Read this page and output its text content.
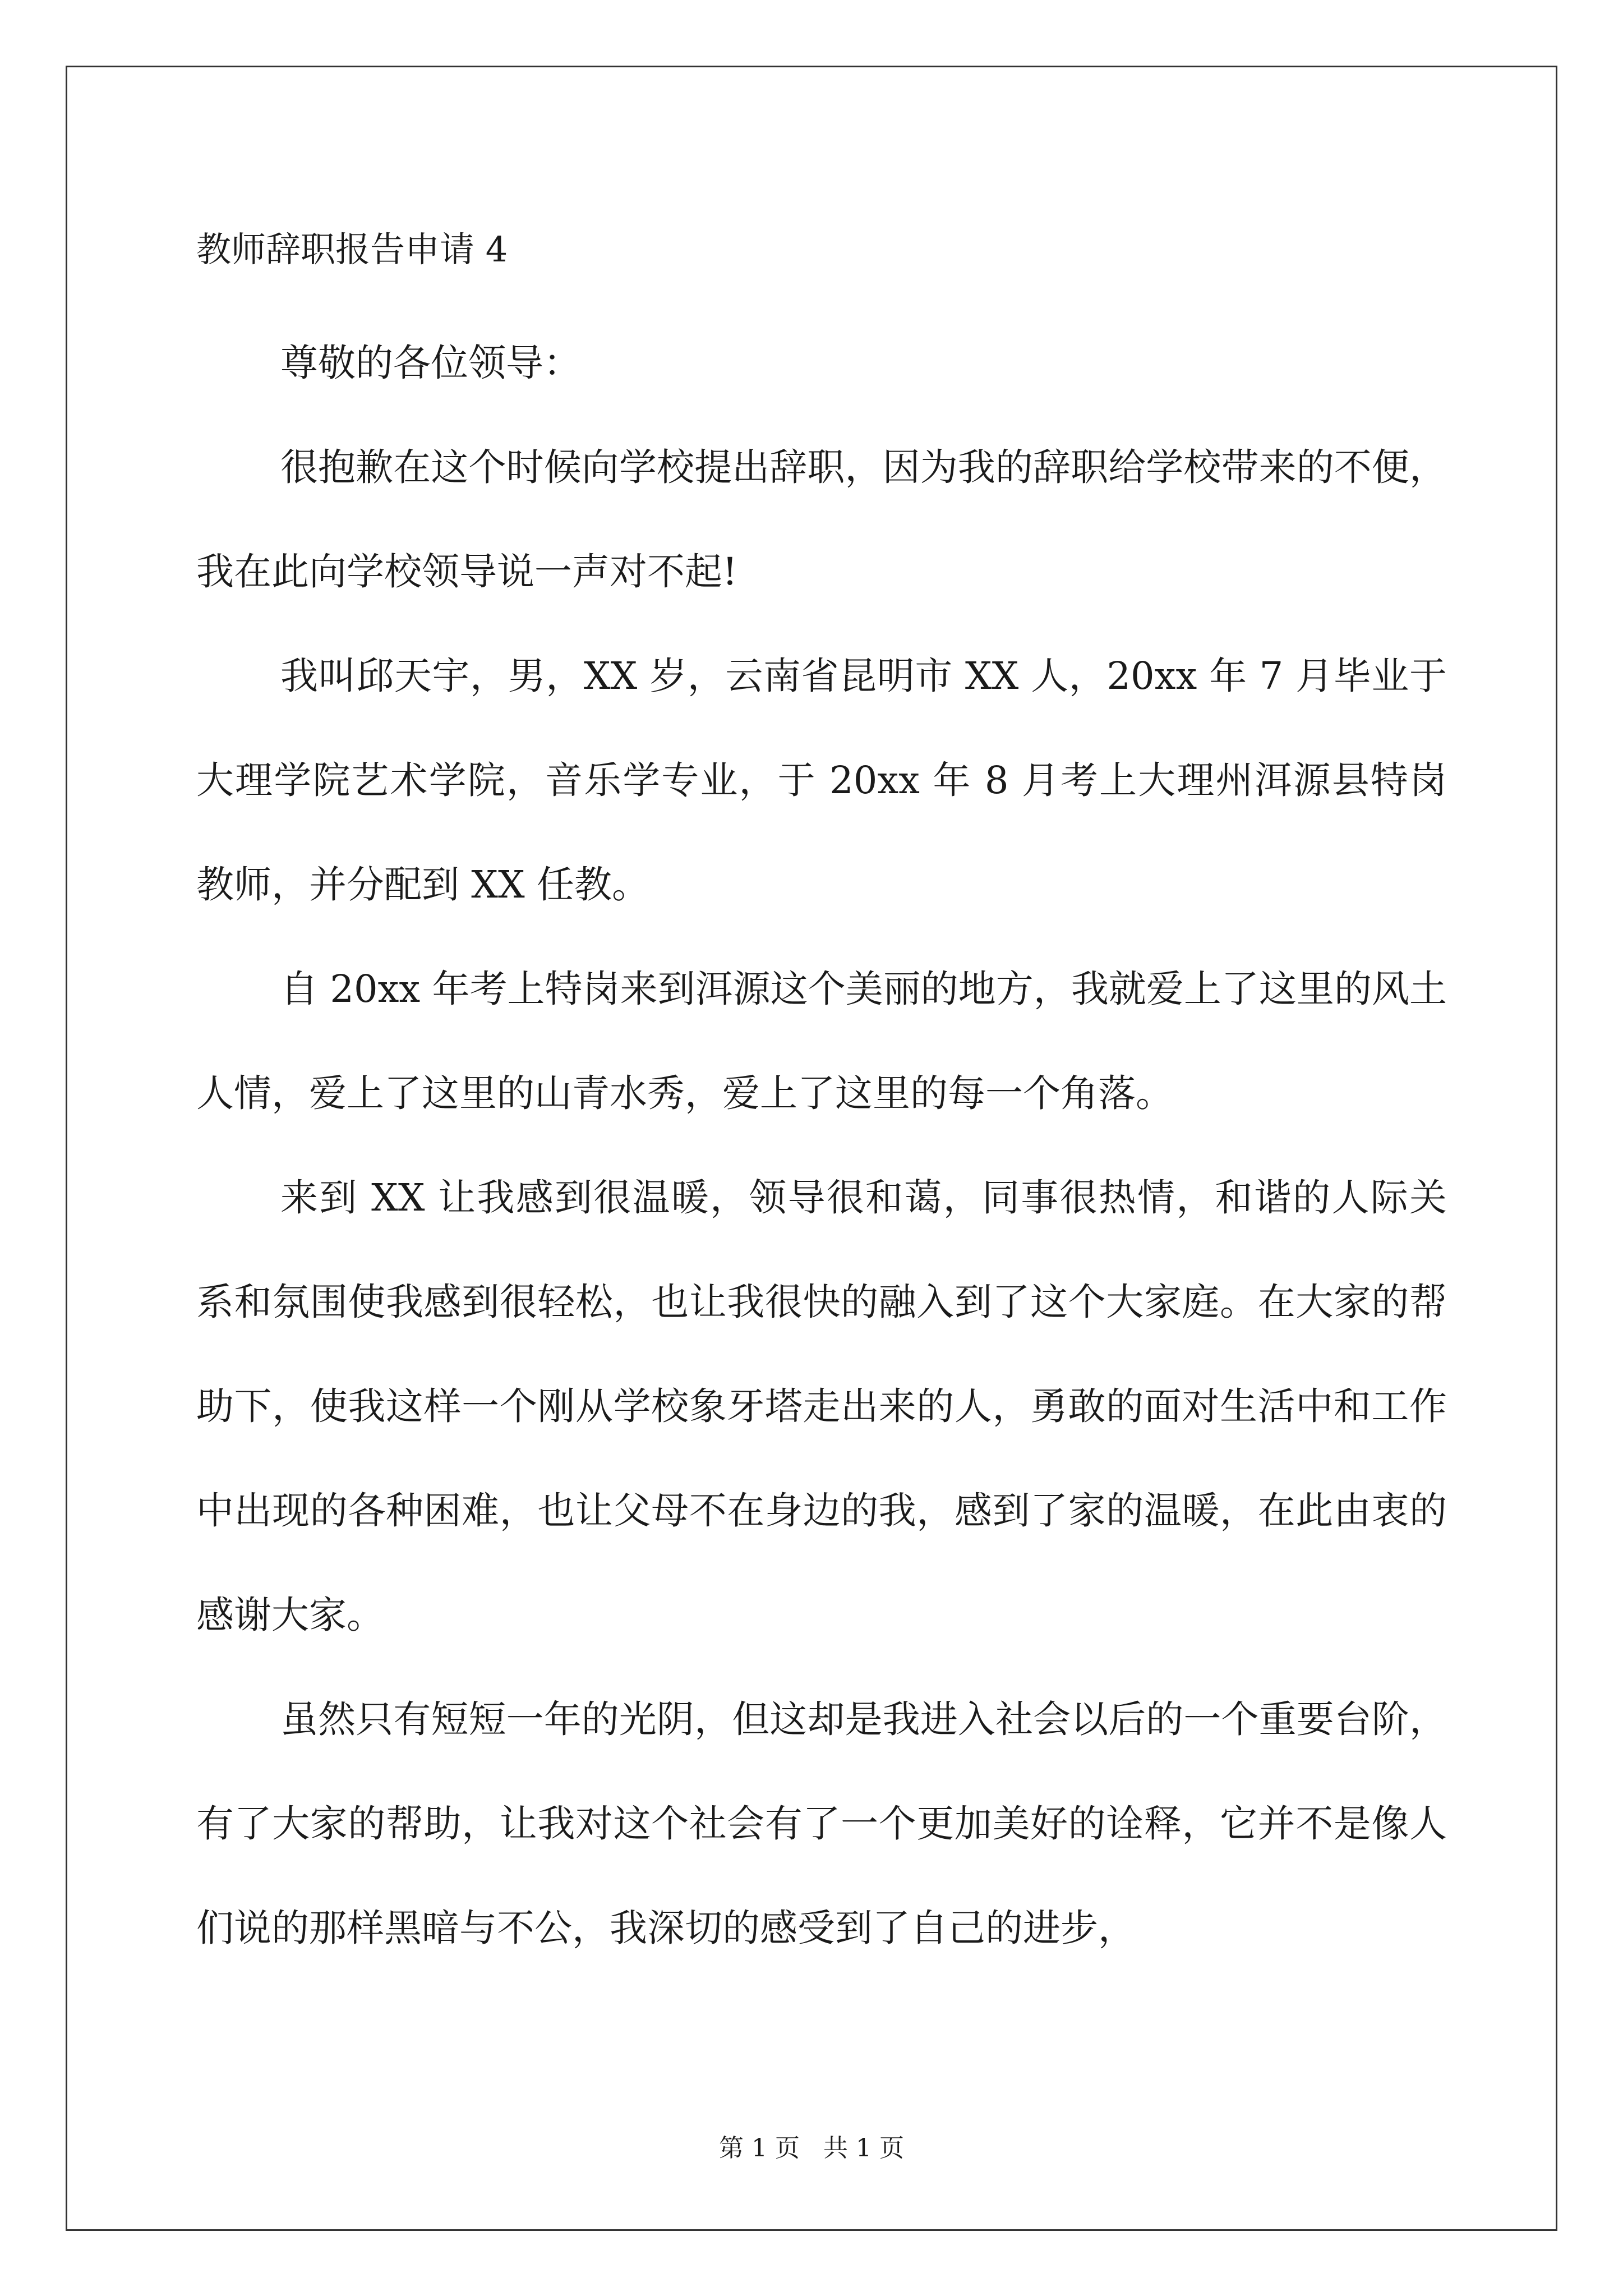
教师辞职报告申请 4

尊敬的各位领导：

很抱歉在这个时候向学校提出辞职，因为我的辞职给学校带来的不便，我在此向学校领导说一声对不起!

我叫邱天宇，男，XX 岁，云南省昆明市 XX 人，20xx 年 7 月毕业于大理学院艺术学院，音乐学专业，于 20xx 年 8 月考上大理州洱源县特岗教师，并分配到 XX 任教。

自 20xx 年考上特岗来到洱源这个美丽的地方，我就爱上了这里的风土人情，爱上了这里的山青水秀，爱上了这里的每一个角落。

来到 XX 让我感到很温暖，领导很和蔼，同事很热情，和谐的人际关系和氛围使我感到很轻松，也让我很快的融入到了这个大家庭。在大家的帮助下，使我这样一个刚从学校象牙塔走出来的人，勇敢的面对生活中和工作中出现的各种困难，也让父母不在身边的我，感到了家的温暖，在此由衷的感谢大家。

虽然只有短短一年的光阴，但这却是我进入社会以后的一个重要台阶，有了大家的帮助，让我对这个社会有了一个更加美好的诠释，它并不是像人们说的那样黑暗与不公，我深切的感受到了自己的进步，

第 1 页   共 1 页
